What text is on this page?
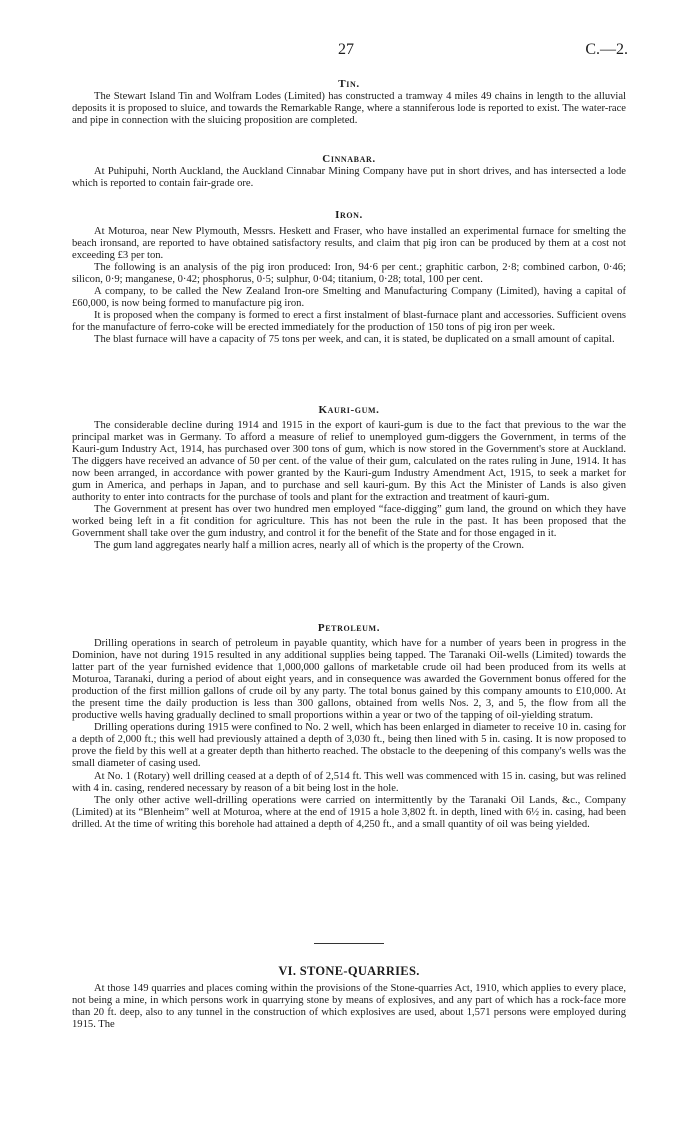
27	C.—2.
Tin.

The Stewart Island Tin and Wolfram Lodes (Limited) has constructed a tramway 4 miles 49 chains in length to the alluvial deposits it is proposed to sluice, and towards the Remarkable Range, where a stanniferous lode is reported to exist. The water-race and pipe in connection with the sluicing proposition are completed.

Cinnabar.

At Puhipuhi, North Auckland, the Auckland Cinnabar Mining Company have put in short drives, and has intersected a lode which is reported to contain fair-grade ore.

Iron.

At Moturoa, near New Plymouth, Messrs. Heskett and Fraser, who have installed an experimental furnace for smelting the beach ironsand, are reported to have obtained satisfactory results, and claim that pig iron can be produced by them at a cost not exceeding £3 per ton.

The following is an analysis of the pig iron produced: Iron, 94·6 per cent.; graphitic carbon, 2·8; combined carbon, 0·46; silicon, 0·9; manganese, 0·42; phosphorus, 0·5; sulphur, 0·04; titanium, 0·28; total, 100 per cent.

A company, to be called the New Zealand Iron-ore Smelting and Manufacturing Company (Limited), having a capital of £60,000, is now being formed to manufacture pig iron.

It is proposed when the company is formed to erect a first instalment of blast-furnace plant and accessories. Sufficient ovens for the manufacture of ferro-coke will be erected immediately for the production of 150 tons of pig iron per week.

The blast furnace will have a capacity of 75 tons per week, and can, it is stated, be duplicated on a small amount of capital.

Kauri-gum.

The considerable decline during 1914 and 1915 in the export of kauri-gum is due to the fact that previous to the war the principal market was in Germany. To afford a measure of relief to unemployed gum-diggers the Government, in terms of the Kauri-gum Industry Act, 1914, has purchased over 300 tons of gum, which is now stored in the Government's store at Auckland. The diggers have received an advance of 50 per cent. of the value of their gum, calculated on the rates ruling in June, 1914. It has now been arranged, in accordance with power granted by the Kauri-gum Industry Amendment Act, 1915, to seek a market for gum in America, and perhaps in Japan, and to purchase and sell kauri-gum. By this Act the Minister of Lands is also given authority to enter into contracts for the purchase of tools and plant for the extraction and treatment of kauri-gum.

The Government at present has over two hundred men employed “face-digging” gum land, the ground on which they have worked being left in a fit condition for agriculture. This has not been the rule in the past. It has been proposed that the Government shall take over the gum industry, and control it for the benefit of the State and for those engaged in it.

The gum land aggregates nearly half a million acres, nearly all of which is the property of the Crown.

Petroleum.

Drilling operations in search of petroleum in payable quantity, which have for a number of years been in progress in the Dominion, have not during 1915 resulted in any additional supplies being tapped. The Taranaki Oil-wells (Limited) towards the latter part of the year furnished evidence that 1,000,000 gallons of marketable crude oil had been produced from its wells at Moturoa, Taranaki, during a period of about eight years, and in consequence was awarded the Government bonus offered for the production of the first million gallons of crude oil by any party. The total bonus gained by this company amounts to £10,000. At the present time the daily production is less than 300 gallons, obtained from wells Nos. 2, 3, and 5, the flow from all the productive wells having gradually declined to small proportions within a year or two of the tapping of oil-yielding stratum.

Drilling operations during 1915 were confined to No. 2 well, which has been enlarged in diameter to receive 10 in. casing for a depth of 2,000 ft.; this well had previously attained a depth of 3,030 ft., being then lined with 5 in. casing. It is now proposed to prove the field by this well at a greater depth than hitherto reached. The obstacle to the deepening of this company's wells was the small diameter of casing used.

At No. 1 (Rotary) well drilling ceased at a depth of of 2,514 ft. This well was commenced with 15 in. casing, but was relined with 4 in. casing, rendered necessary by reason of a bit being lost in the hole.

The only other active well-drilling operations were carried on intermittently by the Taranaki Oil Lands, &c., Company (Limited) at its “Blenheim” well at Moturoa, where at the end of 1915 a hole 3,802 ft. in depth, lined with 6½ in. casing, had been drilled. At the time of writing this borehole had attained a depth of 4,250 ft., and a small quantity of oil was being yielded.

VI. STONE-QUARRIES.

At those 149 quarries and places coming within the provisions of the Stone-quarries Act, 1910, which applies to every place, not being a mine, in which persons work in quarrying stone by means of explosives, and any part of which has a rock-face more than 20 ft. deep, also to any tunnel in the construction of which explosives are used, about 1,571 persons were employed during 1915. The
